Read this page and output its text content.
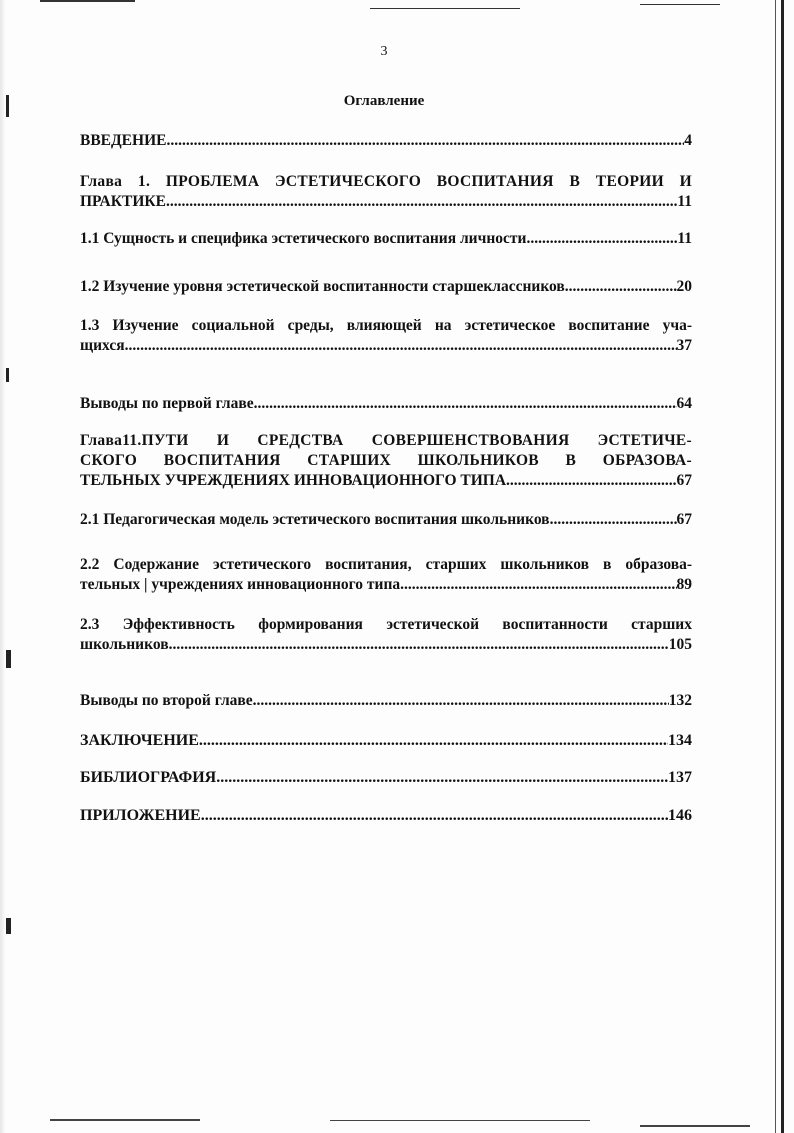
3
Оглавление
ВВЕДЕНИЕ .....	4
Глава 1. ПРОБЛЕМА ЭСТЕТИЧЕСКОГО ВОСПИТАНИЯ В ТЕОРИИ И
ПРАКТИКЕ .....	11
1.1 Сущность и специфика эстетического воспитания личности .....	11
1.2 Изучение уровня эстетической воспитанности старшеклассников .....	20
1.3 Изучение социальной среды, влияющей на эстетическое воспитание уча-
щихся .....	37
Выводы по первой главе .....	64
Глава11.ПУТИ И СРЕДСТВА СОВЕРШЕНСТВОВАНИЯ ЭСТЕТИЧЕ-
СКОГО ВОСПИТАНИЯ СТАРШИХ ШКОЛЬНИКОВ В ОБРАЗОВА-
ТЕЛЬНЫХ УЧРЕЖДЕНИЯХ ИННОВАЦИОННОГО ТИПА .....	67
2.1 Педагогическая модель эстетического воспитания школьников .....	67
2.2 Содержание эстетического воспитания, старших школьников в образова-
тельных | учреждениях инновационного типа .....	89
2.3 Эффективность формирования эстетической воспитанности старших
школьников .....	105
Выводы по второй главе .....	132
ЗАКЛЮЧЕНИЕ .....	134
БИБЛИОГРАФИЯ .....	137
ПРИЛОЖЕНИЕ .....	146
